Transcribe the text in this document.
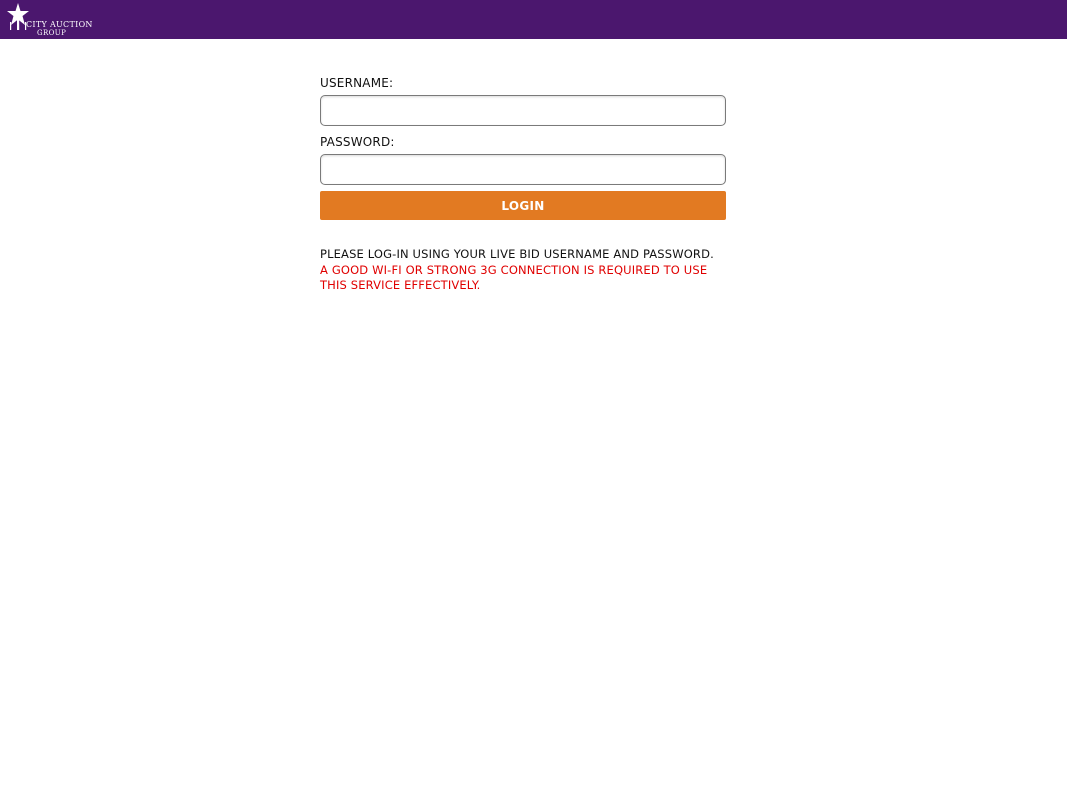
CITY AUCTION
GROUP
USERNAME:
PASSWORD:
LOGIN
PLEASE LOG-IN USING YOUR LIVE BID USERNAME AND PASSWORD.
A GOOD WI-FI OR STRONG 3G CONNECTION IS REQUIRED TO USE THIS SERVICE EFFECTIVELY.
